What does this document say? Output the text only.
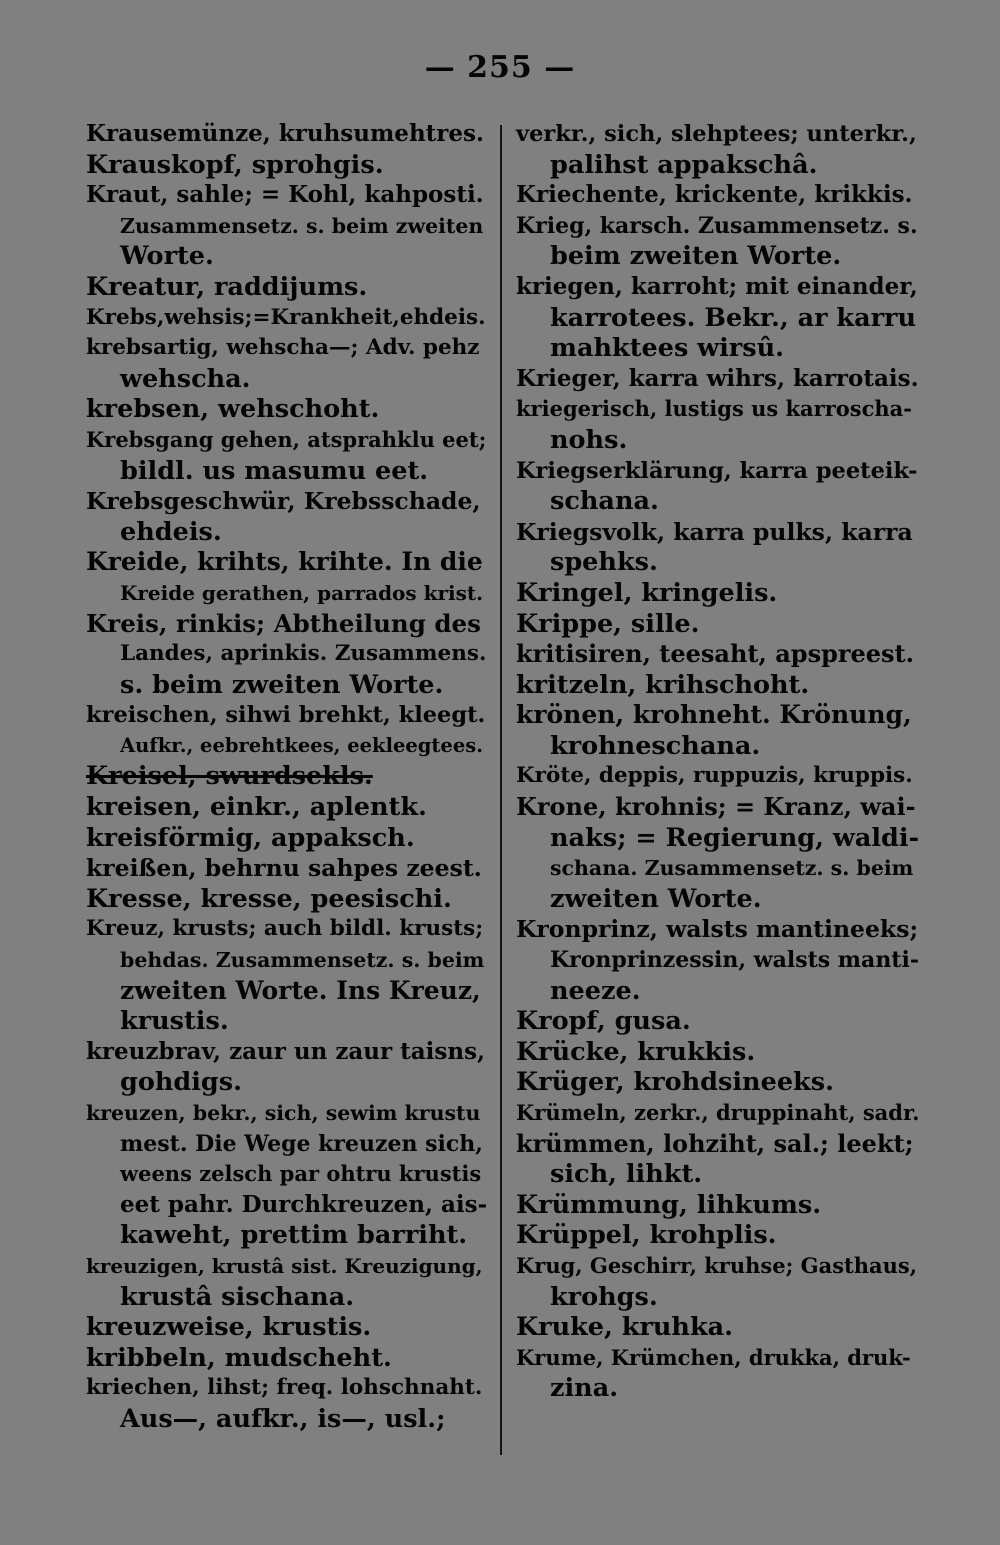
— 255 —
Krausemünze, kruhsumehtres.
Krauskopf, sprohgis.
Kraut, sahle; = Kohl, kahposti.
Zusammensetz. s. beim zweiten
Worte.
Kreatur, raddijums.
Krebs,wehsis;=Krankheit,ehdeis.
krebsartig, wehscha—; Adv. pehz
wehscha.
krebsen, wehschoht.
Krebsgang gehen, atsprahklu eet;
bildl. us masumu eet.
Krebsgeschwür, Krebsschade,
ehdeis.
Kreide, krihts, krihte. In die
Kreide gerathen, parrados krist.
Kreis, rinkis; Abtheilung des
Landes, aprinkis. Zusammens.
s. beim zweiten Worte.
kreischen, sihwi brehkt, kleegt.
Aufkr., eebrehtkees, eekleegtees.
Kreisel, swurdsekls.
kreisen, einkr., aplentk.
kreisförmig, appaksch.
kreißen, behrnu sahpes zeest.
Kresse, kresse, peesischi.
Kreuz, krusts; auch bildl. krusts;
behdas. Zusammensetz. s. beim
zweiten Worte. Ins Kreuz,
krustis.
kreuzbrav, zaur un zaur taisns,
gohdigs.
kreuzen, bekr., sich, sewim krustu
mest. Die Wege kreuzen sich,
weens zelsch par ohtru krustis
eet pahr. Durchkreuzen, ais-
kaweht, prettim barriht.
kreuzigen, krustâ sist. Kreuzigung,
krustâ sischana.
kreuzweise, krustis.
kribbeln, mudscheht.
kriechen, lihst; freq. lohschnaht.
Aus—, aufkr., is—, usl.;
verkr., sich, slehptees; unterkr.,
palihst appakschâ.
Kriechente, krickente, krikkis.
Krieg, karsch. Zusammensetz. s.
beim zweiten Worte.
kriegen, karroht; mit einander,
karrotees. Bekr., ar karru
mahktees wirsû.
Krieger, karra wihrs, karrotais.
kriegerisch, lustigs us karroscha-
nohs.
Kriegserklärung, karra peeteik-
schana.
Kriegsvolk, karra pulks, karra
spehks.
Kringel, kringelis.
Krippe, sille.
kritisiren, teesaht, apspreest.
kritzeln, krihschoht.
krönen, krohneht. Krönung,
krohneschana.
Kröte, deppis, ruppuzis, kruppis.
Krone, krohnis; = Kranz, wai-
naks; = Regierung, waldi-
schana. Zusammensetz. s. beim
zweiten Worte.
Kronprinz, walsts mantineeks;
Kronprinzessin, walsts manti-
neeze.
Kropf, gusa.
Krücke, krukkis.
Krüger, krohdsineeks.
Krümeln, zerkr., druppinaht, sadr.
krümmen, lohziht, sal.; leekt;
sich, lihkt.
Krümmung, lihkums.
Krüppel, krohplis.
Krug, Geschirr, kruhse; Gasthaus,
krohgs.
Kruke, kruhka.
Krume, Krümchen, drukka, druk-
zina.
